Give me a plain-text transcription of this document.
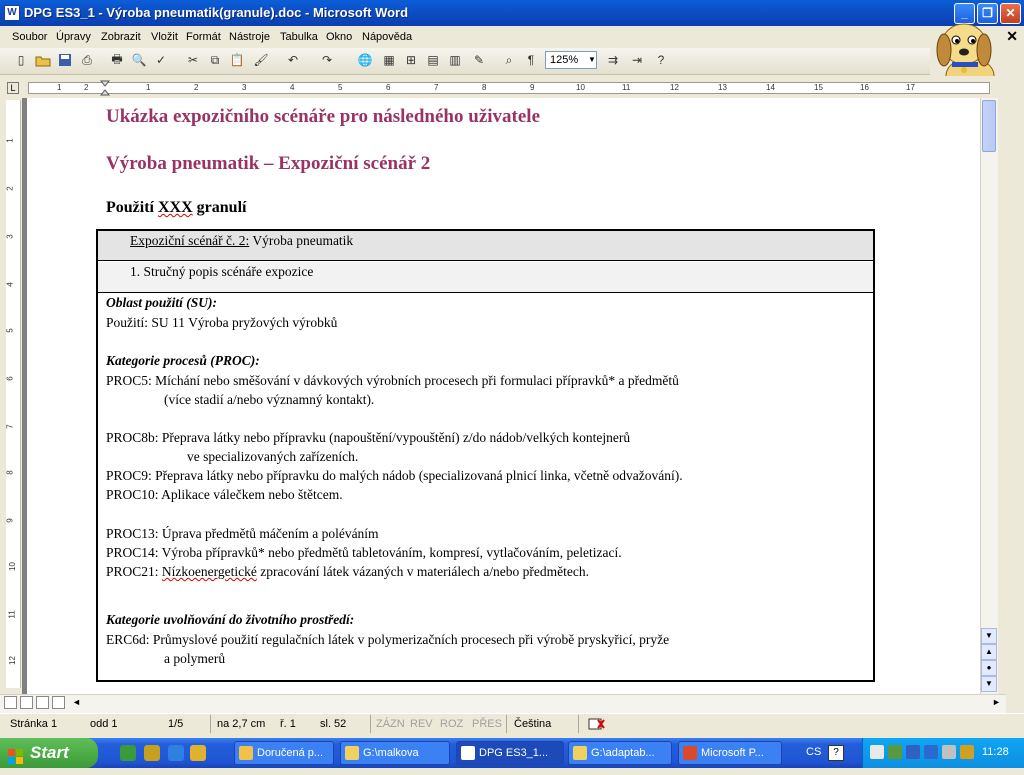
W DPG ES3_1 - Výroba pneumatik(granule).doc - Microsoft Word	_	❐	✕
Soubor Úpravy Zobrazit Vložit Formát Nástroje Tabulka Okno Nápověda	✕
▯	⎙	🖶 🔍 ✓	✂	⧉ 📋 🖌	↶	↷	🌐 ▦ ⊞ ▤ ▥	✎	⌕	¶	125%	▼	⇉	⇥	?
L	1	2	1	2	3	4	5	6	7	8	9	10	11	12	13	14	15	16	17
1
2
3
4
5
6
7
8
9
10
11
12
Ukázka expozičního scénáře pro následného uživatele
Výroba pneumatik – Expoziční scénář 2
Použití XXX granulí
Expoziční scénář č. 2: Výroba pneumatik
1. Stručný popis scénáře expozice
Oblast použití (SU):
Použití: SU 11 Výroba pryžových výrobků
Kategorie procesů (PROC):
PROC5: Míchání nebo směšování v dávkových výrobních procesech při formulaci přípravků* a předmětů
(více stadií a/nebo významný kontakt).
PROC8b: Přeprava látky nebo přípravku (napouštění/vypouštění) z/do nádob/velkých kontejnerů
ve specializovaných zařízeních.
PROC9: Přeprava látky nebo přípravku do malých nádob (specializovaná plnicí linka, včetně odvažování).
PROC10: Aplikace válečkem nebo štětcem.
PROC13: Úprava předmětů máčením a poléváním
PROC14: Výroba přípravků* nebo předmětů tabletováním, kompresí, vytlačováním, peletizací.
PROC21: Nízkoenergetické zpracování látek vázaných v materiálech a/nebo předmětech.
Kategorie uvolňování do životního prostředí:
ERC6d: Průmyslové použití regulačních látek v polymerizačních procesech při výrobě pryskyřicí, pryže
a polymerů
▼
▲
●
▼
◄	►
Stránka 1	odd 1	1/5	na 2,7 cm ř. 1 sl. 52	ZÁZN REV ROZ PŘES Čeština
Start	Doručená p...	G:\malkova	DPG ES3_1...	G:\adaptab...	Microsoft P...	CS	?	11:28
